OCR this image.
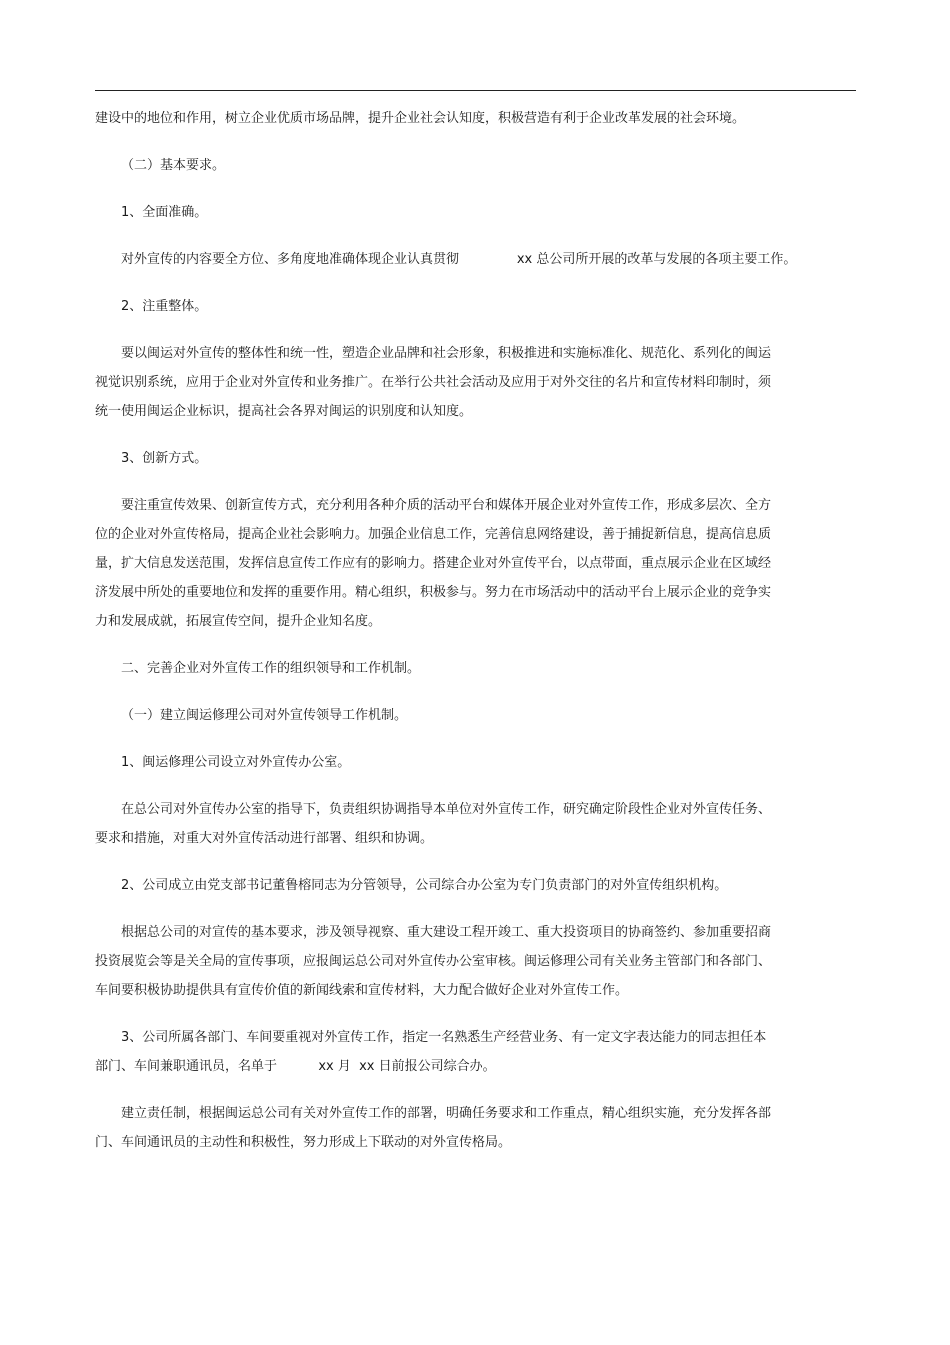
建设中的地位和作用，树立企业优质市场品牌，提升企业社会认知度，积极营造有利于企业改革发展的社会环境。

（二）基本要求。

1、全面准确。

对外宣传的内容要全方位、多角度地准确体现企业认真贯彻              xx 总公司所开展的改革与发展的各项主要工作。

2、注重整体。

要以闽运对外宣传的整体性和统一性，塑造企业品牌和社会形象，积极推进和实施标准化、规范化、系列化的闽运视觉识别系统，应用于企业对外宣传和业务推广。在举行公共社会活动及应用于对外交往的名片和宣传材料印制时，须统一使用闽运企业标识，提高社会各界对闽运的识别度和认知度。

3、创新方式。

要注重宣传效果、创新宣传方式，充分利用各种介质的活动平台和媒体开展企业对外宣传工作，形成多层次、全方位的企业对外宣传格局，提高企业社会影响力。加强企业信息工作，完善信息网络建设，善于捕捉新信息，提高信息质量，扩大信息发送范围，发挥信息宣传工作应有的影响力。搭建企业对外宣传平台，以点带面，重点展示企业在区域经济发展中所处的重要地位和发挥的重要作用。精心组织，积极参与。努力在市场活动中的活动平台上展示企业的竞争实力和发展成就，拓展宣传空间，提升企业知名度。

二、完善企业对外宣传工作的组织领导和工作机制。

（一）建立闽运修理公司对外宣传领导工作机制。

1、闽运修理公司设立对外宣传办公室。

在总公司对外宣传办公室的指导下，负责组织协调指导本单位对外宣传工作，研究确定阶段性企业对外宣传任务、要求和措施，对重大对外宣传活动进行部署、组织和协调。

2、公司成立由党支部书记董鲁榕同志为分管领导，公司综合办公室为专门负责部门的对外宣传组织机构。

根据总公司的对宣传的基本要求，涉及领导视察、重大建设工程开竣工、重大投资项目的协商签约、参加重要招商投资展览会等是关全局的宣传事项，应报闽运总公司对外宣传办公室审核。闽运修理公司有关业务主管部门和各部门、车间要积极协助提供具有宣传价值的新闻线索和宣传材料，大力配合做好企业对外宣传工作。

3、公司所属各部门、车间要重视对外宣传工作，指定一名熟悉生产经营业务、有一定文字表达能力的同志担任本部门、车间兼职通讯员，名单于          xx 月  xx 日前报公司综合办。

建立责任制，根据闽运总公司有关对外宣传工作的部署，明确任务要求和工作重点，精心组织实施，充分发挥各部门、车间通讯员的主动性和积极性，努力形成上下联动的对外宣传格局。
